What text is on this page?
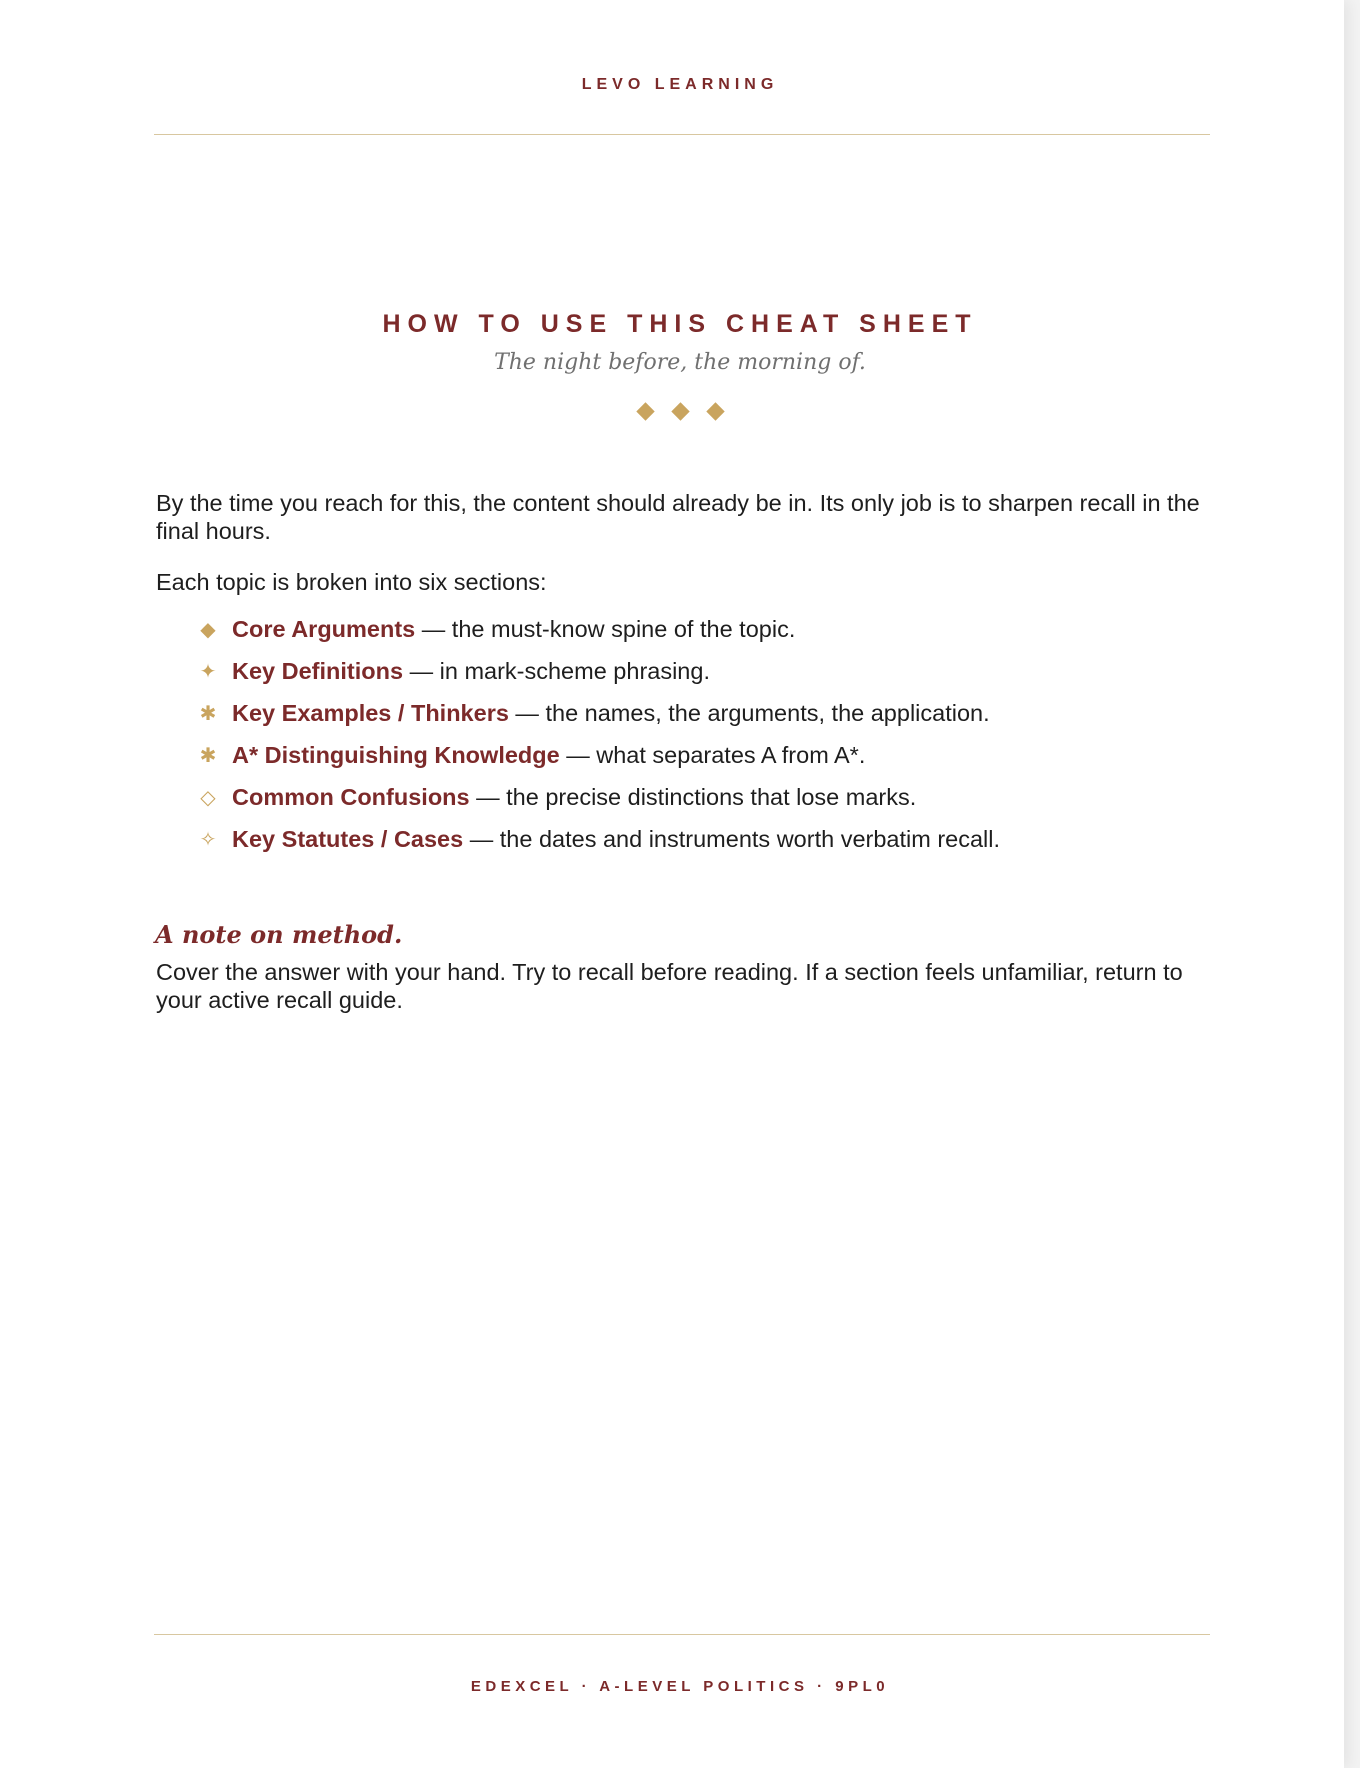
LEVO LEARNING
HOW TO USE THIS CHEAT SHEET
The night before, the morning of.

By the time you reach for this, the content should already be in. Its only job is to sharpen recall in the final hours.

Each topic is broken into six sections:

◆ Core Arguments — the must-know spine of the topic.
✦ Key Definitions — in mark-scheme phrasing.
✱ Key Examples / Thinkers — the names, the arguments, the application.
✱ A* Distinguishing Knowledge — what separates A from A*.
◇ Common Confusions — the precise distinctions that lose marks.
✧ Key Statutes / Cases — the dates and instruments worth verbatim recall.
A note on method.

Cover the answer with your hand. Try to recall before reading. If a section feels unfamiliar, return to your active recall guide.

EDEXCEL · A-LEVEL POLITICS · 9PL0
